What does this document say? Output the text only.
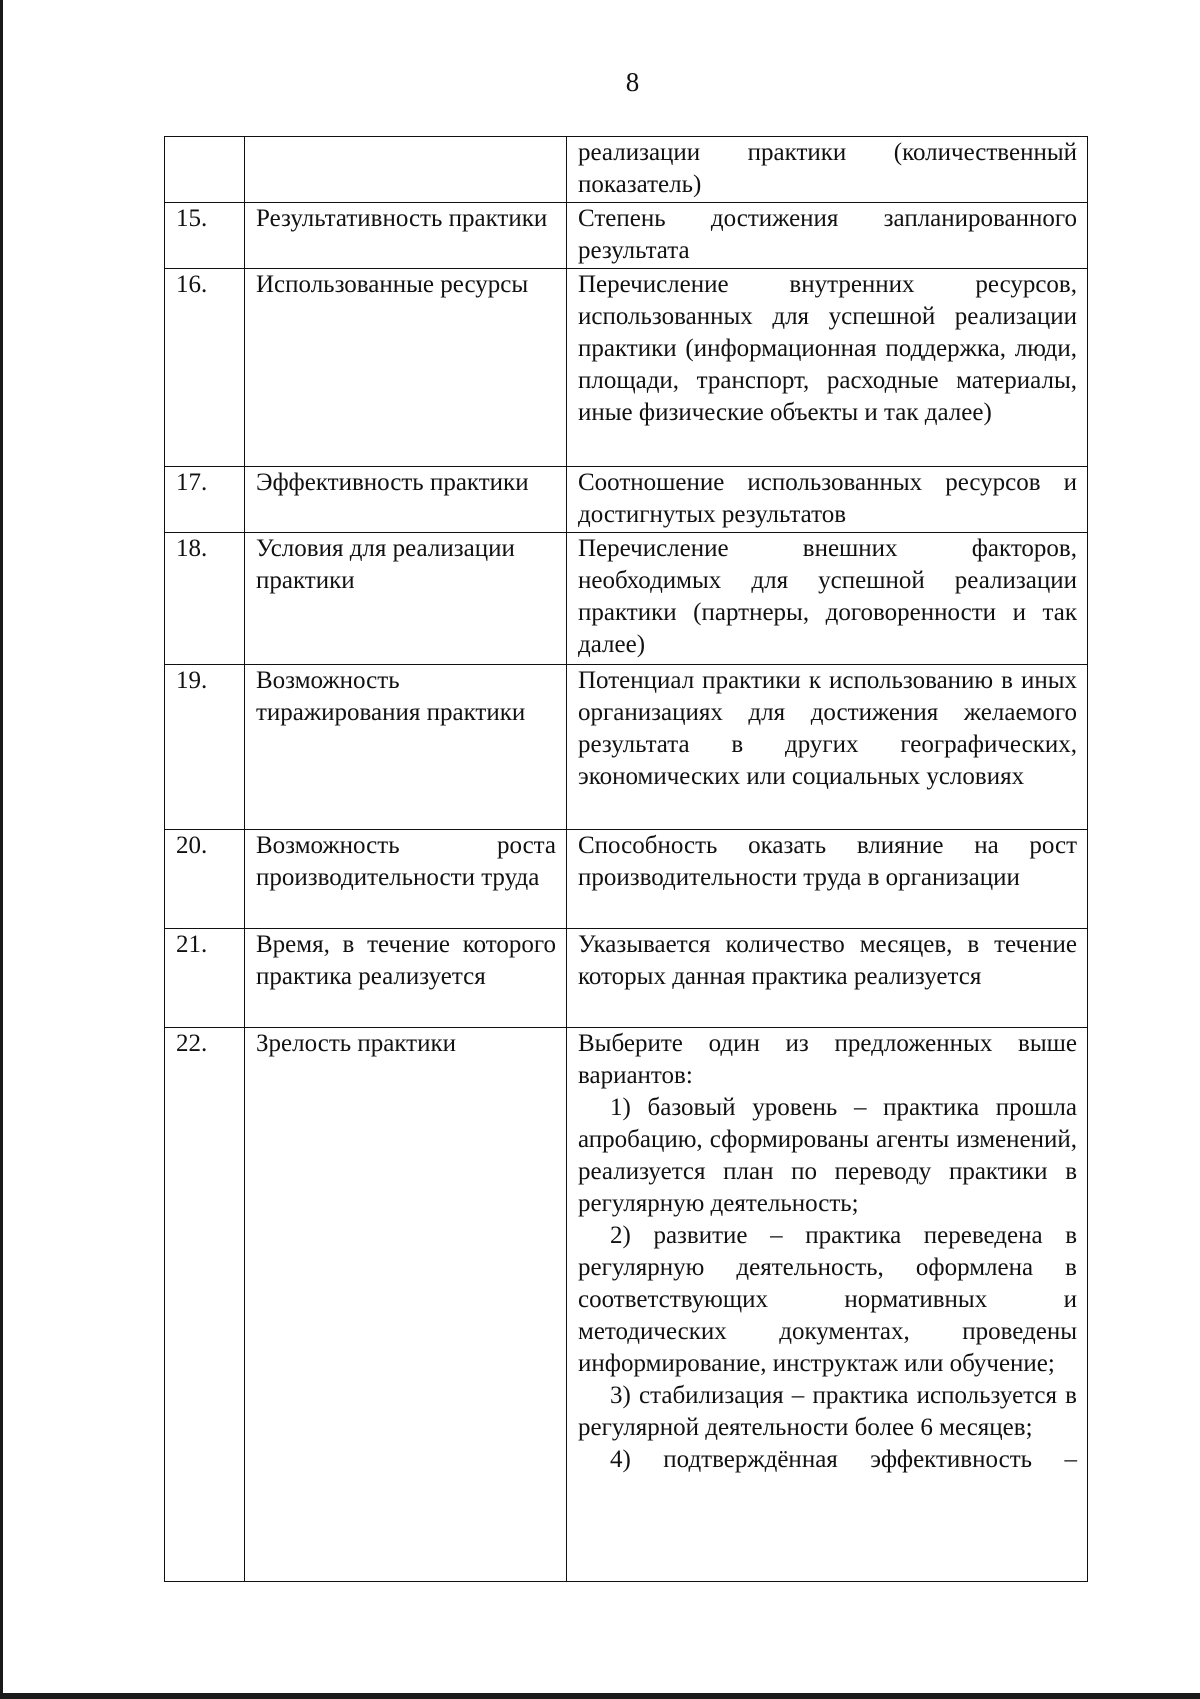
8
		реализации практики (количественный показатель)
15.	Результативность практики	Степень достижения запланированного результата
16.	Использованные ресурсы	Перечисление внутренних ресурсов, использованных для успешной реализации практики (информационная поддержка, люди, площади, транспорт, расходные материалы, иные физические объекты и так далее)
17.	Эффективность практики	Соотношение использованных ресурсов и достигнутых результатов
18.	Условия для реализации практики	Перечисление внешних факторов, необходимых для успешной реализации практики (партнеры, договоренности и так далее)
19.	Возможность тиражирования практики	Потенциал практики к использованию в иных организациях для достижения желаемого результата в других географических, экономических или социальных условиях
20.	Возможность роста производительности труда	Способность оказать влияние на рост производительности труда в организации
21.	Время, в течение которого практика реализуется	Указывается количество месяцев, в течение которых данная практика реализуется
22.	Зрелость практики	Выберите один из предложенных выше вариантов:
1) базовый уровень – практика прошла апробацию, сформированы агенты изменений, реализуется план по переводу практики в регулярную деятельность;
2) развитие – практика переведена в регулярную деятельность, оформлена в соответствующих нормативных и методических документах, проведены информирование, инструктаж или обучение;
3) стабилизация – практика используется в регулярной деятельности более 6 месяцев;
4) подтверждённая эффективность –
